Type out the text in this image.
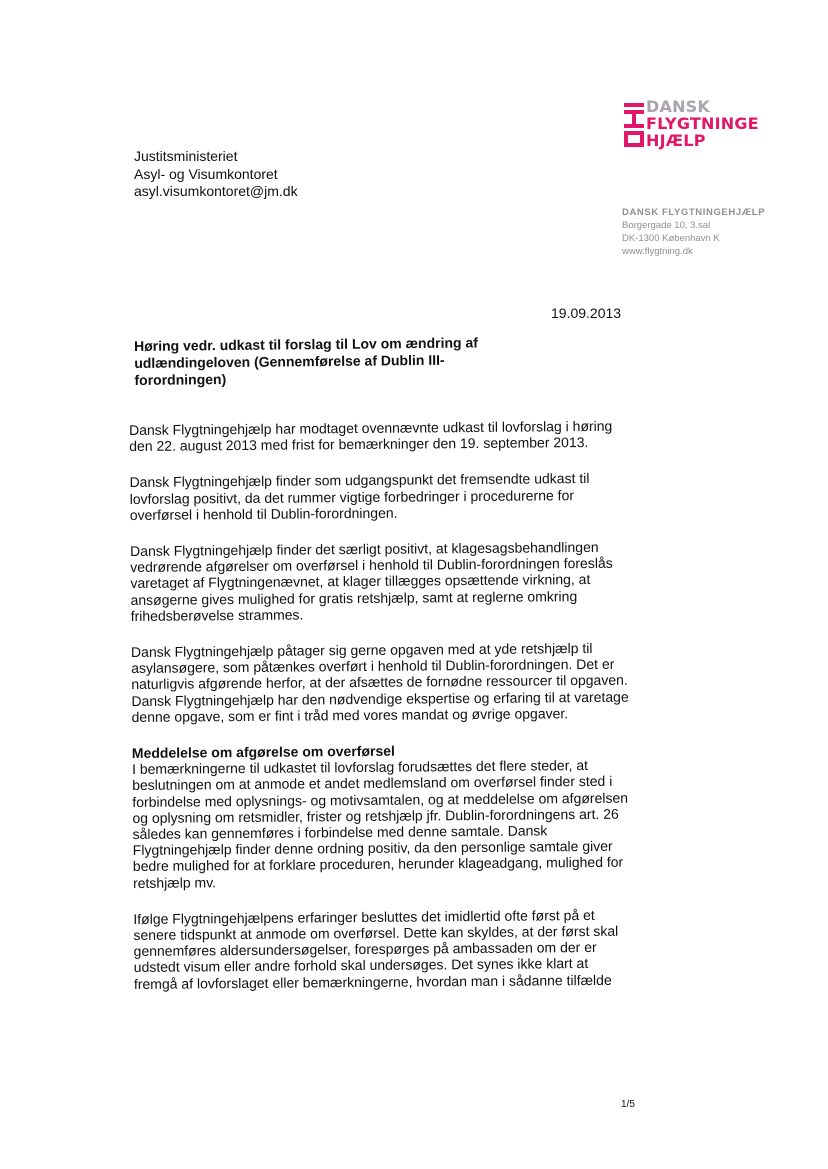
DANSK
FLYGTNINGE
HJÆLP
DANSK FLYGTNINGEHJÆLP
Borgergade 10, 3.sal
DK-1300 København K
www.flygtning.dk
Justitsministeriet
Asyl- og Visumkontoret
asyl.visumkontoret@jm.dk
19.09.2013
Høring vedr. udkast til forslag til Lov om ændring af udlændingeloven (Gennemførelse af Dublin III-forordningen)

Dansk Flygtningehjælp har modtaget ovennævnte udkast til lovforslag i høring den 22. august 2013 med frist for bemærkninger den 19. september 2013.

Dansk Flygtningehjælp finder som udgangspunkt det fremsendte udkast til lovforslag positivt, da det rummer vigtige forbedringer i procedurerne for overførsel i henhold til Dublin-forordningen.

Dansk Flygtningehjælp finder det særligt positivt, at klagesagsbehandlingen vedrørende afgørelser om overførsel i henhold til Dublin-forordningen foreslås varetaget af Flygtningenævnet, at klager tillægges opsættende virkning, at ansøgerne gives mulighed for gratis retshjælp, samt at reglerne omkring frihedsberøvelse strammes.

Dansk Flygtningehjælp påtager sig gerne opgaven med at yde retshjælp til asylansøgere, som påtænkes overført i henhold til Dublin-forordningen. Det er naturligvis afgørende herfor, at der afsættes de fornødne ressourcer til opgaven. Dansk Flygtningehjælp har den nødvendige ekspertise og erfaring til at varetage denne opgave, som er fint i tråd med vores mandat og øvrige opgaver.

Meddelelse om afgørelse om overførsel

I bemærkningerne til udkastet til lovforslag forudsættes det flere steder, at beslutningen om at anmode et andet medlemsland om overførsel finder sted i forbindelse med oplysnings- og motivsamtalen, og at meddelelse om afgørelsen og oplysning om retsmidler, frister og retshjælp jfr. Dublin-forordningens art. 26 således kan gennemføres i forbindelse med denne samtale. Dansk Flygtningehjælp finder denne ordning positiv, da den personlige samtale giver bedre mulighed for at forklare proceduren, herunder klageadgang, mulighed for retshjælp mv.

Ifølge Flygtningehjælpens erfaringer besluttes det imidlertid ofte først på et senere tidspunkt at anmode om overførsel. Dette kan skyldes, at der først skal gennemføres aldersundersøgelser, forespørges på ambassaden om der er udstedt visum eller andre forhold skal undersøges. Det synes ikke klart at fremgå af lovforslaget eller bemærkningerne, hvordan man i sådanne tilfælde

1/5
